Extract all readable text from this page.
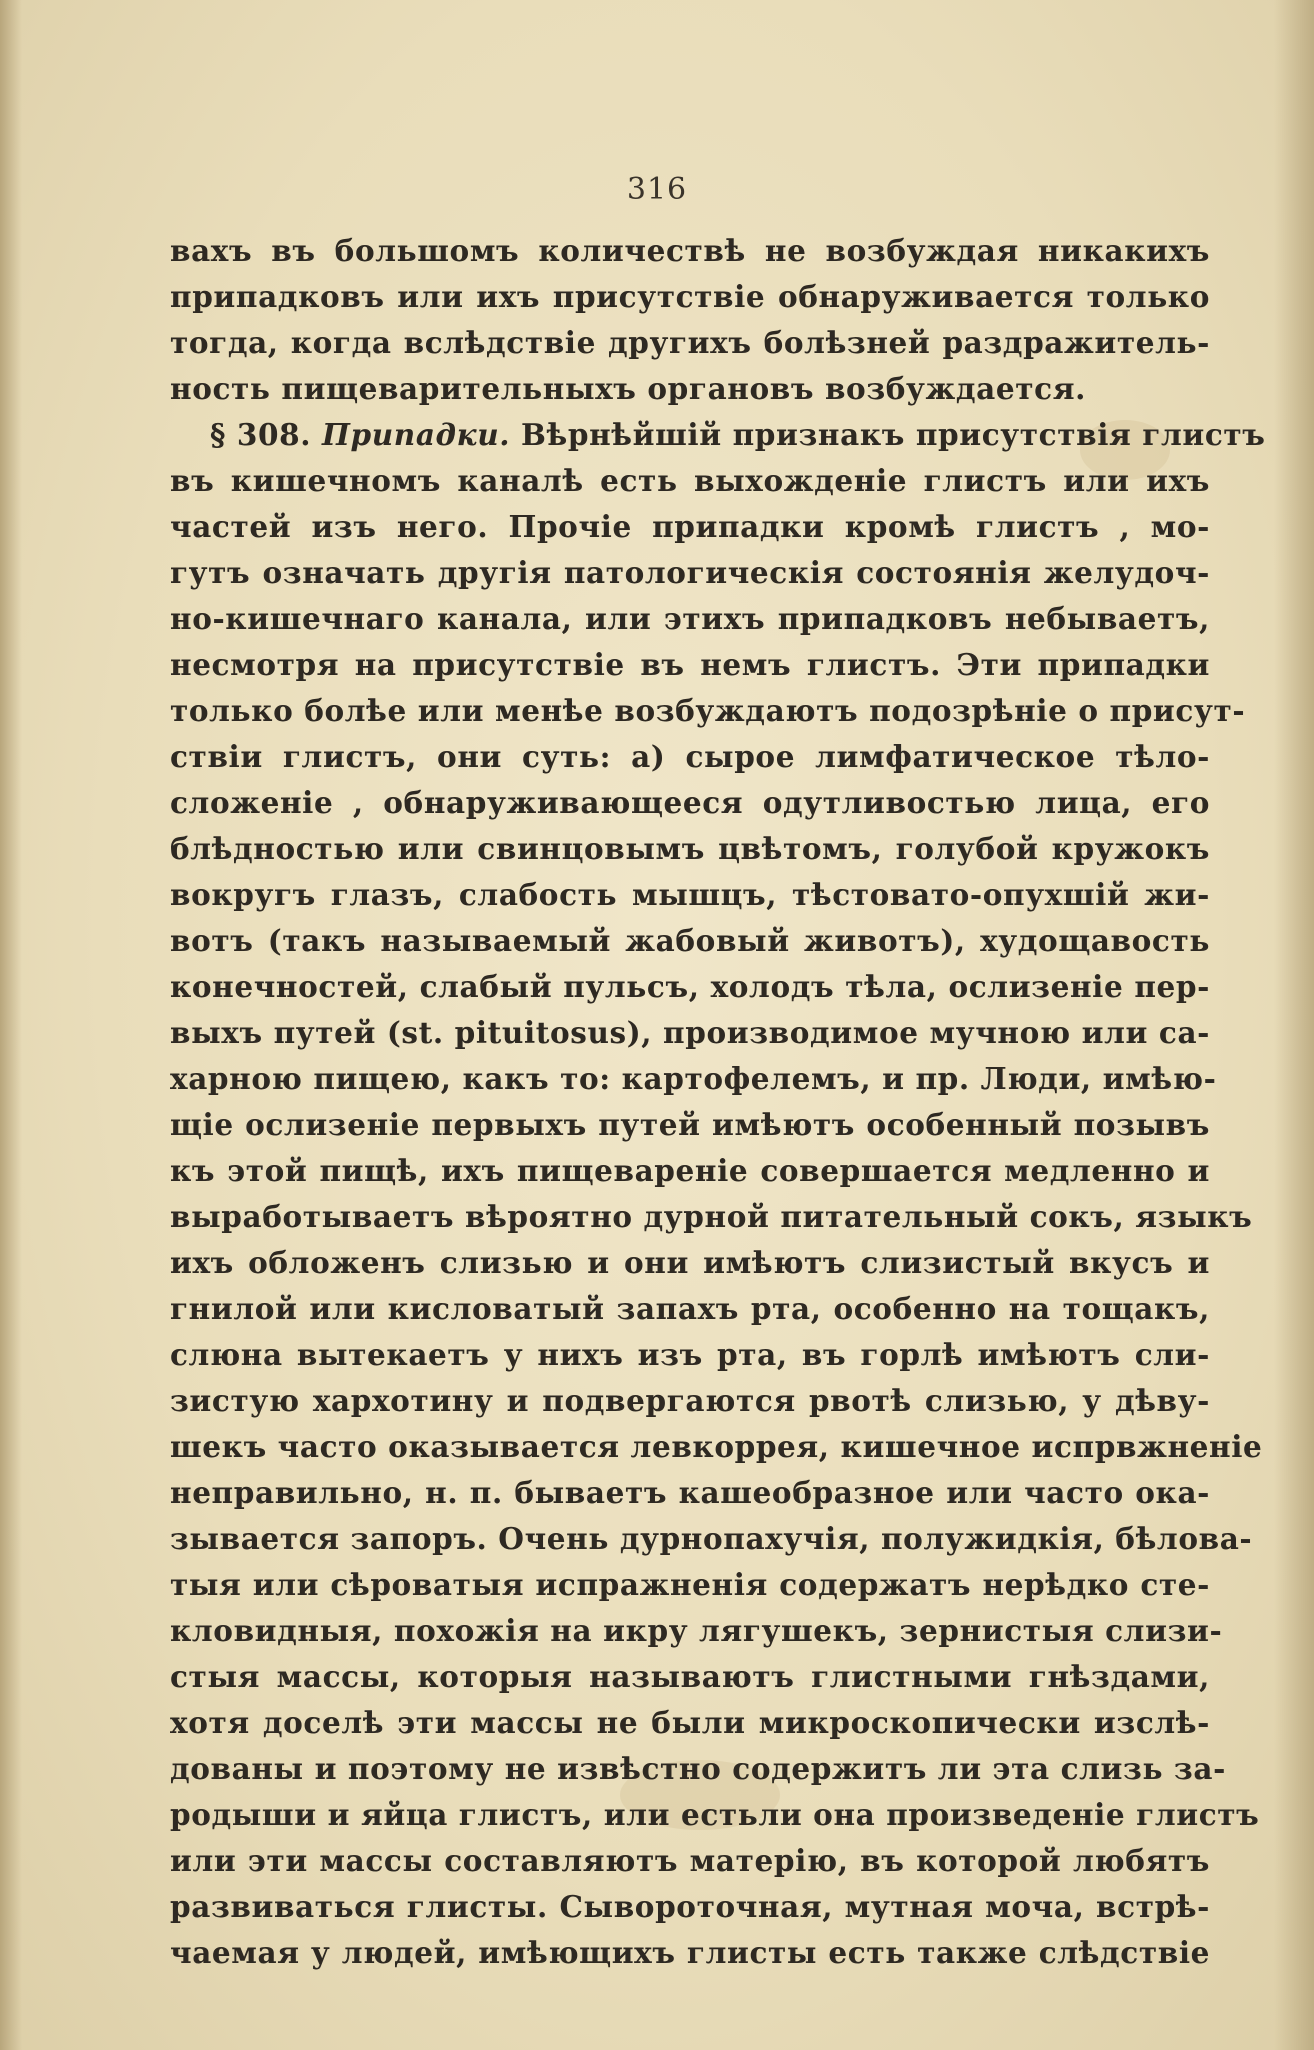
316
вахъ въ большомъ количествѣ не возбуждая никакихъ
припадковъ или ихъ присутствіе обнаруживается только
тогда, когда вслѣдствіе другихъ болѣзней раздражитель-
ность пищеварительныхъ органовъ возбуждается.
§ 308. Припадки. Вѣрнѣйшій признакъ присутствія глистъ
въ кишечномъ каналѣ есть выхожденіе глистъ или ихъ
частей изъ него. Прочіе припадки кромѣ глистъ , мо-
гутъ означать другія патологическія состоянія желудоч-
но-кишечнаго канала, или этихъ припадковъ небываетъ,
несмотря на присутствіе въ немъ глистъ. Эти припадки
только болѣе или менѣе возбуждаютъ подозрѣніе о присут-
ствіи глистъ, они суть: а) сырое лимфатическое тѣло-
сложеніе , обнаруживающееся одутливостью лица, его
блѣдностью или свинцовымъ цвѣтомъ, голубой кружокъ
вокругъ глазъ, слабость мышцъ, тѣстовато-опухшій жи-
вотъ (такъ называемый жабовый животъ), худощавость
конечностей, слабый пульсъ, холодъ тѣла, ослизеніе пер-
выхъ путей (st. pituitosus), производимое мучною или са-
харною пищею, какъ то: картофелемъ, и пр. Люди, имѣю-
щіе ослизеніе первыхъ путей имѣютъ особенный позывъ
къ этой пищѣ, ихъ пищевареніе совершается медленно и
выработываетъ вѣроятно дурной питательный сокъ, языкъ
ихъ обложенъ слизью и они имѣютъ слизистый вкусъ и
гнилой или кисловатый запахъ рта, особенно на тощакъ,
слюна вытекаетъ у нихъ изъ рта, въ горлѣ имѣютъ сли-
зистую хархотину и подвергаются рвотѣ слизью, у дѣву-
шекъ часто оказывается левкоррея, кишечное испрвжненіе
неправильно, н. п. бываетъ кашеобразное или часто ока-
зывается запоръ. Очень дурнопахучія, полужидкія, бѣлова-
тыя или сѣроватыя испражненія содержатъ нерѣдко сте-
кловидныя, похожія на икру лягушекъ, зернистыя слизи-
стыя массы, которыя называютъ глистными гнѣздами,
хотя доселѣ эти массы не были микроскопически изслѣ-
дованы и поэтому не извѣстно содержитъ ли эта слизь за-
родыши и яйца глистъ, или естьли она произведеніе глистъ
или эти массы составляютъ матерію, въ которой любятъ
развиваться глисты. Сывороточная, мутная моча, встрѣ-
чаемая у людей, имѣющихъ глисты есть также слѣдствіе
